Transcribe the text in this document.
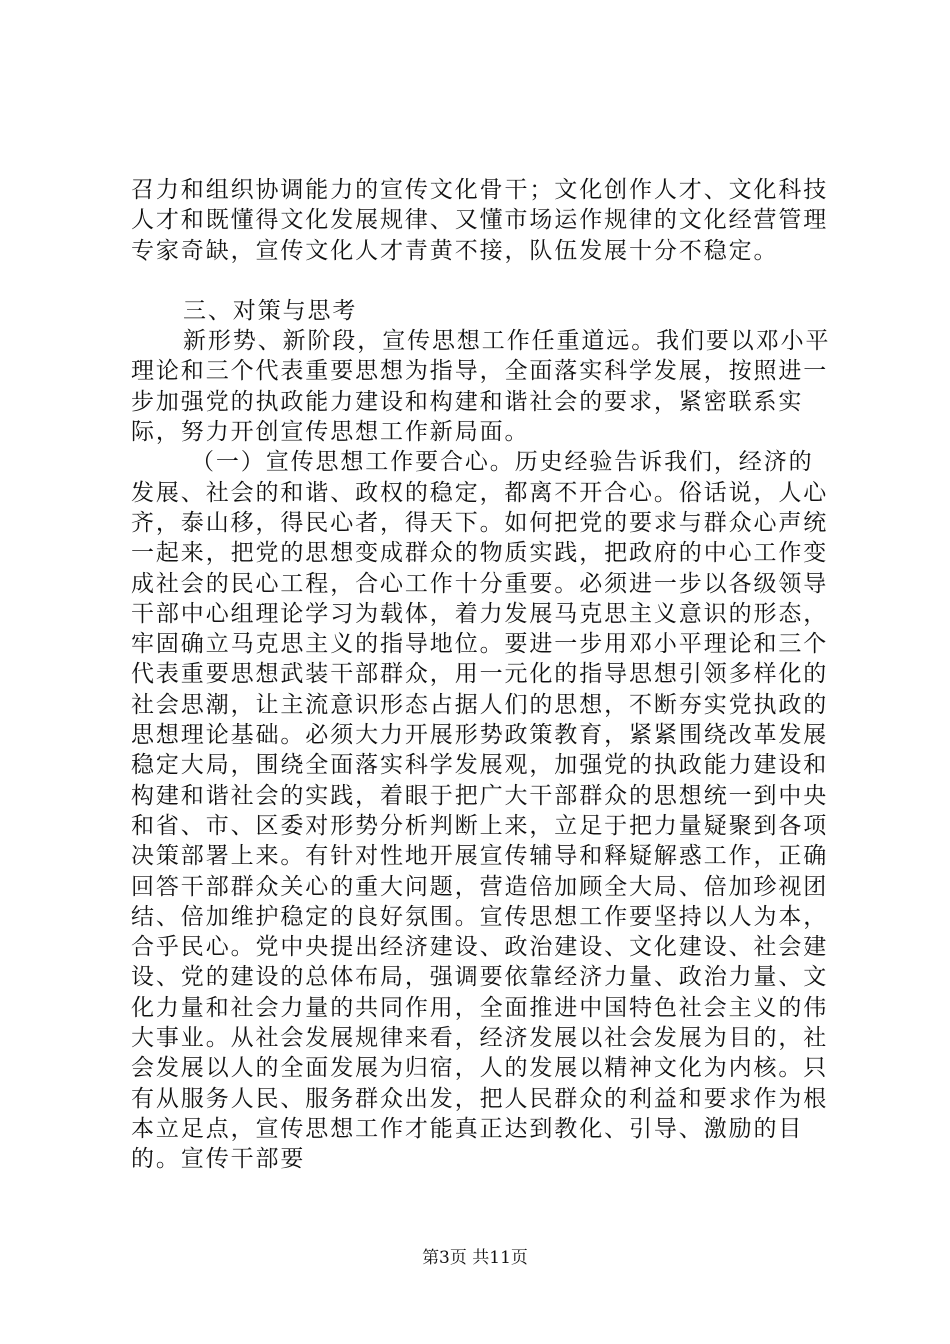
召力和组织协调能力的宣传文化骨干；文化创作人才、文化科技人才和既懂得文化发展规律、又懂市场运作规律的文化经营管理专家奇缺，宣传文化人才青黄不接，队伍发展十分不稳定。

三、对策与思考

新形势、新阶段，宣传思想工作任重道远。我们要以邓小平理论和三个代表重要思想为指导，全面落实科学发展，按照进一步加强党的执政能力建设和构建和谐社会的要求，紧密联系实际，努力开创宣传思想工作新局面。

（一）宣传思想工作要合心。历史经验告诉我们，经济的发展、社会的和谐、政权的稳定，都离不开合心。俗话说，人心齐，泰山移，得民心者，得天下。如何把党的要求与群众心声统一起来，把党的思想变成群众的物质实践，把政府的中心工作变成社会的民心工程，合心工作十分重要。必须进一步以各级领导干部中心组理论学习为载体，着力发展马克思主义意识的形态，牢固确立马克思主义的指导地位。要进一步用邓小平理论和三个代表重要思想武装干部群众，用一元化的指导思想引领多样化的社会思潮，让主流意识形态占据人们的思想，不断夯实党执政的思想理论基础。必须大力开展形势政策教育，紧紧围绕改革发展稳定大局，围绕全面落实科学发展观，加强党的执政能力建设和构建和谐社会的实践，着眼于把广大干部群众的思想统一到中央和省、市、区委对形势分析判断上来，立足于把力量疑聚到各项决策部署上来。有针对性地开展宣传辅导和释疑解惑工作，正确回答干部群众关心的重大问题，营造倍加顾全大局、倍加珍视团结、倍加维护稳定的良好氛围。宣传思想工作要坚持以人为本，合乎民心。党中央提出经济建设、政治建设、文化建设、社会建设、党的建设的总体布局，强调要依靠经济力量、政治力量、文化力量和社会力量的共同作用，全面推进中国特色社会主义的伟大事业。从社会发展规律来看，经济发展以社会发展为目的，社会发展以人的全面发展为归宿，人的发展以精神文化为内核。只有从服务人民、服务群众出发，把人民群众的利益和要求作为根本立足点，宣传思想工作才能真正达到教化、引导、激励的目的。宣传干部要

第3页 共11页
